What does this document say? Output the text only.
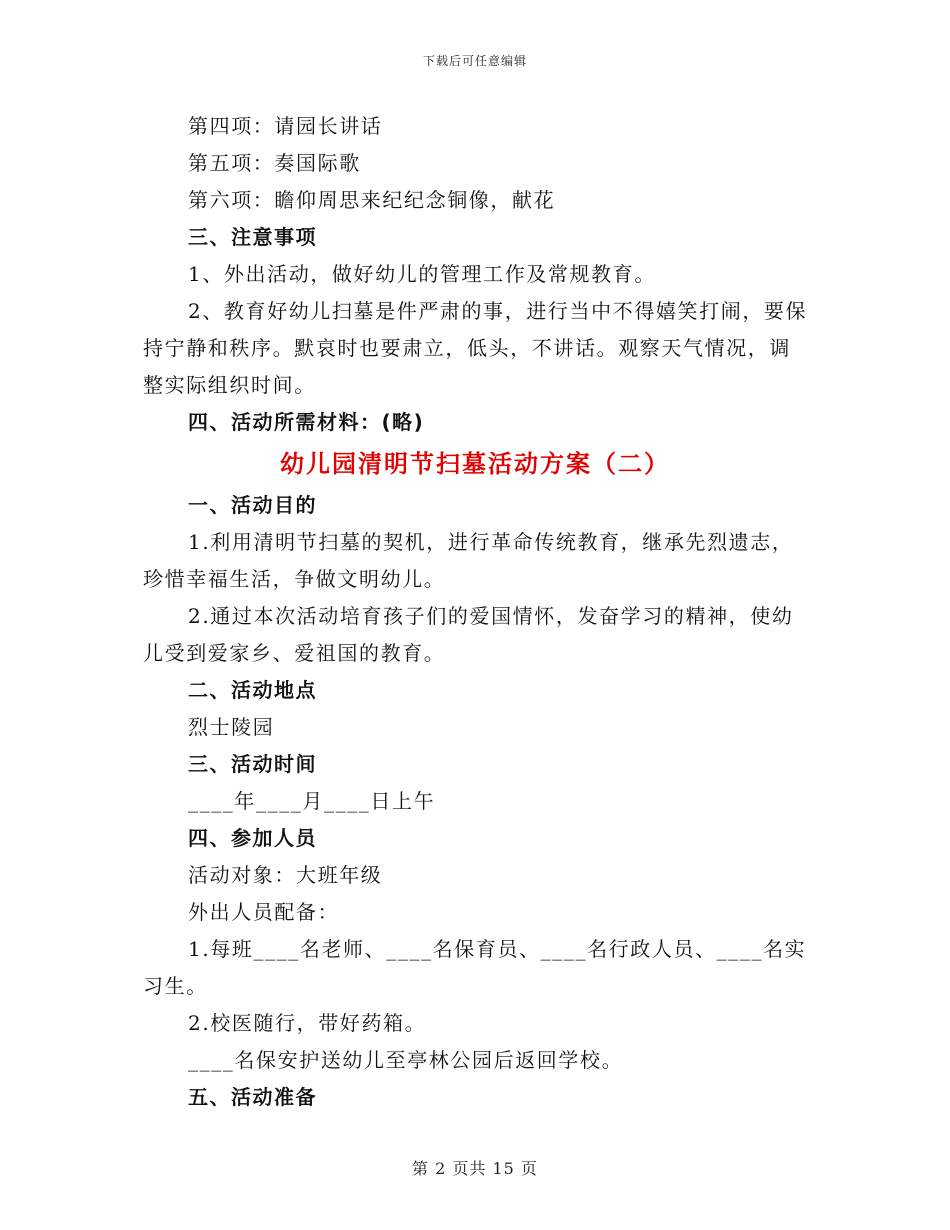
下载后可任意编辑
第四项：请园长讲话
第五项：奏国际歌
第六项：瞻仰周思来纪纪念铜像，献花
三、注意事项
1、外出活动，做好幼儿的管理工作及常规教育。
2、教育好幼儿扫墓是件严肃的事，进行当中不得嬉笑打闹，要保
持宁静和秩序。默哀时也要肃立，低头，不讲话。观察天气情况，调
整实际组织时间。
四、活动所需材料：(略)
幼儿园清明节扫墓活动方案（二）
一、活动目的
1.利用清明节扫墓的契机，进行革命传统教育，继承先烈遗志，
珍惜幸福生活，争做文明幼儿。
2.通过本次活动培育孩子们的爱国情怀，发奋学习的精神，使幼
儿受到爱家乡、爱祖国的教育。
二、活动地点
烈士陵园
三、活动时间
____年____月____日上午
四、参加人员
活动对象：大班年级
外出人员配备：
1.每班____名老师、____名保育员、____名行政人员、____名实
习生。
2.校医随行，带好药箱。
____名保安护送幼儿至亭林公园后返回学校。
五、活动准备
第 2 页共 15 页
